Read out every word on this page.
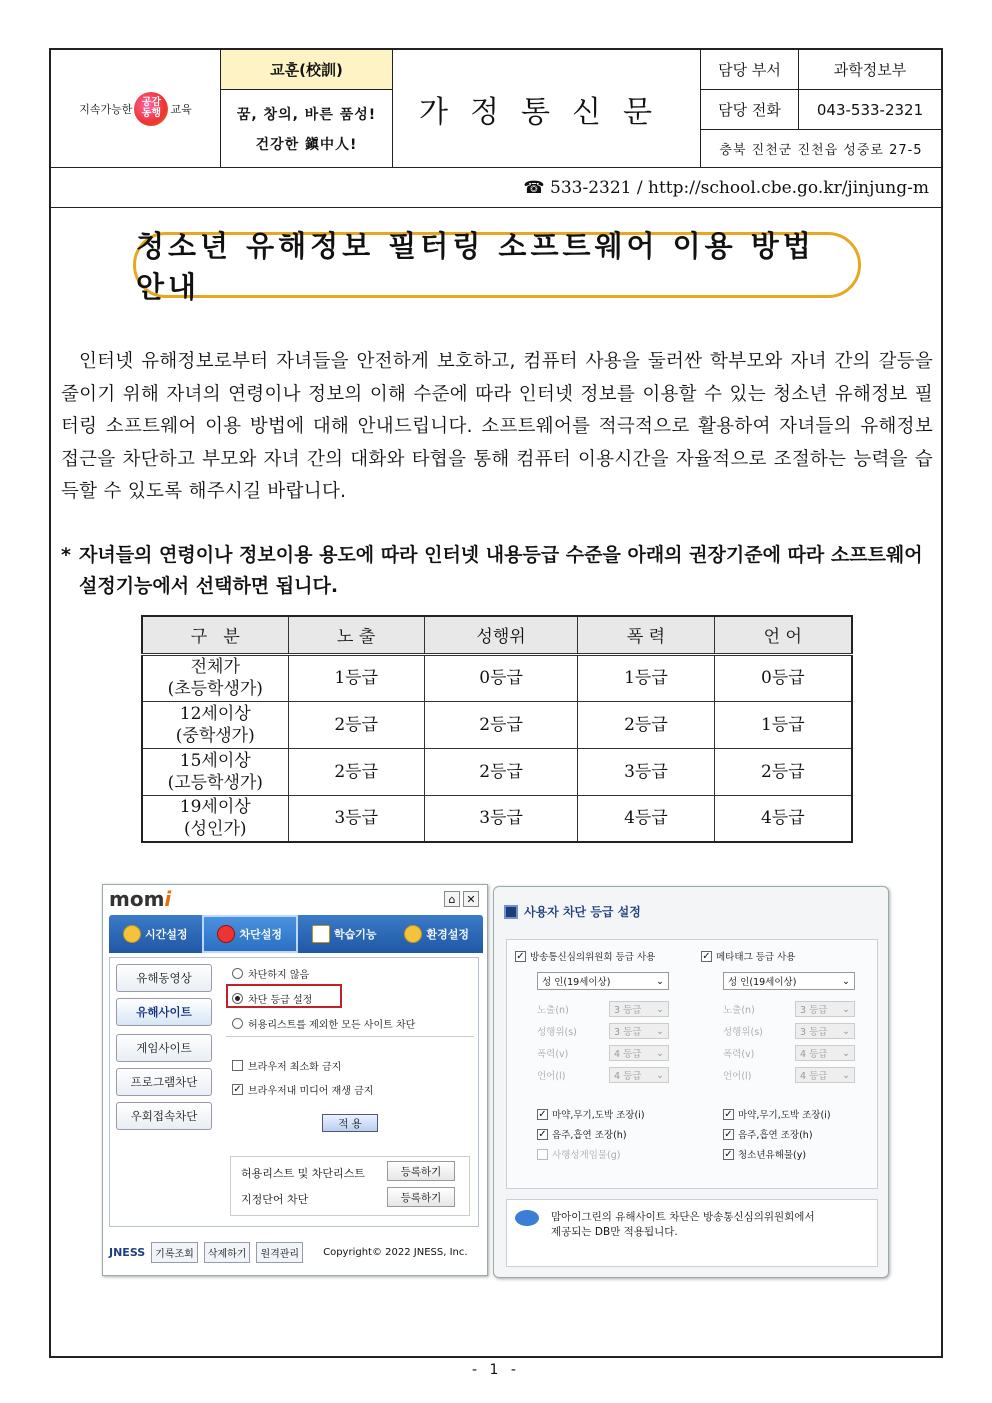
지속가능한 공감
동행 교육
교훈(校訓)
꿈, 창의, 바른 품성!
건강한 鎭中人!
가정통신문
담당 부서	과학정보부
담당 전화	043-533-2321
충북 진천군 진천읍 성중로 27-5
☎ 533-2321 / http://school.cbe.go.kr/jinjung-m
청소년 유해정보 필터링 소프트웨어 이용 방법 안내

인터넷 유해정보로부터 자녀들을 안전하게 보호하고, 컴퓨터 사용을 둘러싼 학부모와 자녀 간의 갈등을 줄이기 위해 자녀의 연령이나 정보의 이해 수준에 따라 인터넷 정보를 이용할 수 있는 청소년 유해정보 필터링 소프트웨어 이용 방법에 대해 안내드립니다. 소프트웨어를 적극적으로 활용하여 자녀들의 유해정보 접근을 차단하고 부모와 자녀 간의 대화와 타협을 통해 컴퓨터 이용시간을 자율적으로 조절하는 능력을 습득할 수 있도록 해주시길 바랍니다.

* 자녀들의 연령이나 정보이용 용도에 따라 인터넷 내용등급 수준을 아래의 권장기준에 따라 소프트웨어 설정기능에서 선택하면 됩니다.
구   분	노 출	성행위	폭 력	언 어
전체가
(초등학생가)	1등급	0등급	1등급	0등급
12세이상
(중학생가)	2등급	2등급	2등급	1등급
15세이상
(고등학생가)	2등급	2등급	3등급	2등급
19세이상
(성인가)	3등급	3등급	4등급	4등급
mom i	⌂ ✕
시간설정	차단설정	학습기능	환경설정
유해동영상
유해사이트
게임사이트
프로그램차단
우회접속차단
차단하지 않음
차단 등급 설정
허용리스트를 제외한 모든 사이트 차단
브라우저 최소화 금지
✓ 브라우저내 미디어 재생 금지
적 용
허용리스트 및 차단리스트	등록하기
지정단어 차단	등록하기
JNESS	기록조회	삭제하기	원격관리	Copyright© 2022 JNESS, Inc.
사용자 차단 등급 설정
✓ 방송통신심의위원회 등급 사용
성 인(19세이상)	⌄
노출(n)	3 등급 ⌄
성행위(s)	3 등급 ⌄
폭력(v)	4 등급 ⌄
언어(l)	4 등급 ⌄
✓ 마약,무기,도박 조장(i)
✓ 음주,흡연 조장(h)
사행성게임물(g)
✓ 메타태그 등급 사용
성 인(19세이상)	⌄
노출(n)	3 등급 ⌄
성행위(s)	3 등급 ⌄
폭력(v)	4 등급 ⌄
언어(l)	4 등급 ⌄
✓ 마약,무기,도박 조장(i)
✓ 음주,흡연 조장(h)
✓ 청소년유해물(y)
맘아이그린의 유해사이트 차단은 방송통신심의위원회에서
제공되는 DB만 적용됩니다.
- 1 -
